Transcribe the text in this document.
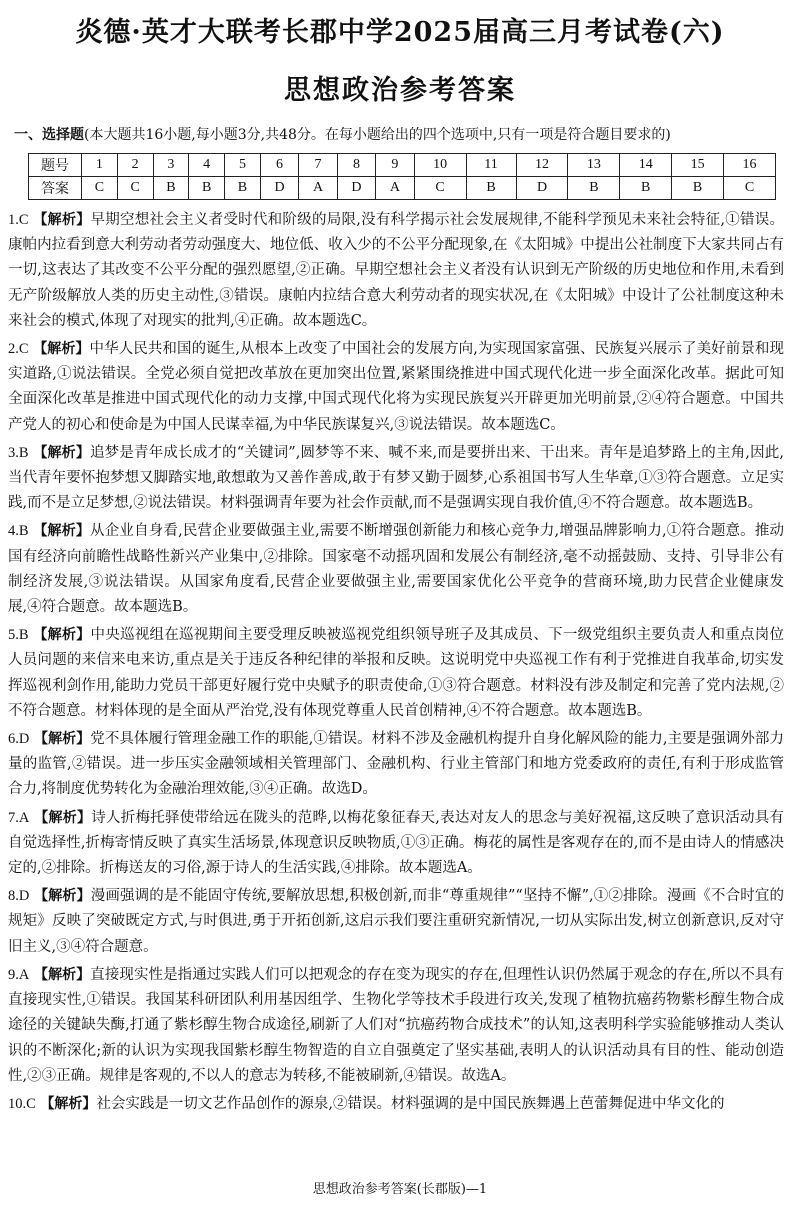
炎德·英才大联考长郡中学2025届高三月考试卷(六)
思想政治参考答案
一、选择题(本大题共16小题,每小题3分,共48分。在每小题给出的四个选项中,只有一项是符合题目要求的)
题号	1	2	3	4	5	6	7	8	9	10	11	12	13	14	15	16
答案	C	C	B	B	B	D	A	D	A	C	B	D	B	B	B	C

1.C 【解析】早期空想社会主义者受时代和阶级的局限,没有科学揭示社会发展规律,不能科学预见未来社会特征,①错误。康帕内拉看到意大利劳动者劳动强度大、地位低、收入少的不公平分配现象,在《太阳城》中提出公社制度下大家共同占有一切,这表达了其改变不公平分配的强烈愿望,②正确。早期空想社会主义者没有认识到无产阶级的历史地位和作用,未看到无产阶级解放人类的历史主动性,③错误。康帕内拉结合意大利劳动者的现实状况,在《太阳城》中设计了公社制度这种未来社会的模式,体现了对现实的批判,④正确。故本题选C。

2.C 【解析】中华人民共和国的诞生,从根本上改变了中国社会的发展方向,为实现国家富强、民族复兴展示了美好前景和现实道路,①说法错误。全党必须自觉把改革放在更加突出位置,紧紧围绕推进中国式现代化进一步全面深化改革。据此可知全面深化改革是推进中国式现代化的动力支撑,中国式现代化将为实现民族复兴开辟更加光明前景,②④符合题意。中国共产党人的初心和使命是为中国人民谋幸福,为中华民族谋复兴,③说法错误。故本题选C。

3.B 【解析】追梦是青年成长成才的“关键词”,圆梦等不来、喊不来,而是要拼出来、干出来。青年是追梦路上的主角,因此,当代青年要怀抱梦想又脚踏实地,敢想敢为又善作善成,敢于有梦又勤于圆梦,心系祖国书写人生华章,①③符合题意。立足实践,而不是立足梦想,②说法错误。材料强调青年要为社会作贡献,而不是强调实现自我价值,④不符合题意。故本题选B。

4.B 【解析】从企业自身看,民营企业要做强主业,需要不断增强创新能力和核心竞争力,增强品牌影响力,①符合题意。推动国有经济向前瞻性战略性新兴产业集中,②排除。国家毫不动摇巩固和发展公有制经济,毫不动摇鼓励、支持、引导非公有制经济发展,③说法错误。从国家角度看,民营企业要做强主业,需要国家优化公平竞争的营商环境,助力民营企业健康发展,④符合题意。故本题选B。

5.B 【解析】中央巡视组在巡视期间主要受理反映被巡视党组织领导班子及其成员、下一级党组织主要负责人和重点岗位人员问题的来信来电来访,重点是关于违反各种纪律的举报和反映。这说明党中央巡视工作有利于党推进自我革命,切实发挥巡视利剑作用,能助力党员干部更好履行党中央赋予的职责使命,①③符合题意。材料没有涉及制定和完善了党内法规,②不符合题意。材料体现的是全面从严治党,没有体现党尊重人民首创精神,④不符合题意。故本题选B。

6.D 【解析】党不具体履行管理金融工作的职能,①错误。材料不涉及金融机构提升自身化解风险的能力,主要是强调外部力量的监管,②错误。进一步压实金融领域相关管理部门、金融机构、行业主管部门和地方党委政府的责任,有利于形成监管合力,将制度优势转化为金融治理效能,③④正确。故选D。

7.A 【解析】诗人折梅托驿使带给远在陇头的范晔,以梅花象征春天,表达对友人的思念与美好祝福,这反映了意识活动具有自觉选择性,折梅寄情反映了真实生活场景,体现意识反映物质,①③正确。梅花的属性是客观存在的,而不是由诗人的情感决定的,②排除。折梅送友的习俗,源于诗人的生活实践,④排除。故本题选A。

8.D 【解析】漫画强调的是不能固守传统,要解放思想,积极创新,而非“尊重规律”“坚持不懈”,①②排除。漫画《不合时宜的规矩》反映了突破既定方式,与时俱进,勇于开拓创新,这启示我们要注重研究新情况,一切从实际出发,树立创新意识,反对守旧主义,③④符合题意。

9.A 【解析】直接现实性是指通过实践人们可以把观念的存在变为现实的存在,但理性认识仍然属于观念的存在,所以不具有直接现实性,①错误。我国某科研团队利用基因组学、生物化学等技术手段进行攻关,发现了植物抗癌药物紫杉醇生物合成途径的关键缺失酶,打通了紫杉醇生物合成途径,刷新了人们对“抗癌药物合成技术”的认知,这表明科学实验能够推动人类认识的不断深化;新的认识为实现我国紫杉醇生物智造的自立自强奠定了坚实基础,表明人的认识活动具有目的性、能动创造性,②③正确。规律是客观的,不以人的意志为转移,不能被刷新,④错误。故选A。

10.C 【解析】社会实践是一切文艺作品创作的源泉,②错误。材料强调的是中国民族舞遇上芭蕾舞促进中华文化的

思想政治参考答案(长郡版)—1
